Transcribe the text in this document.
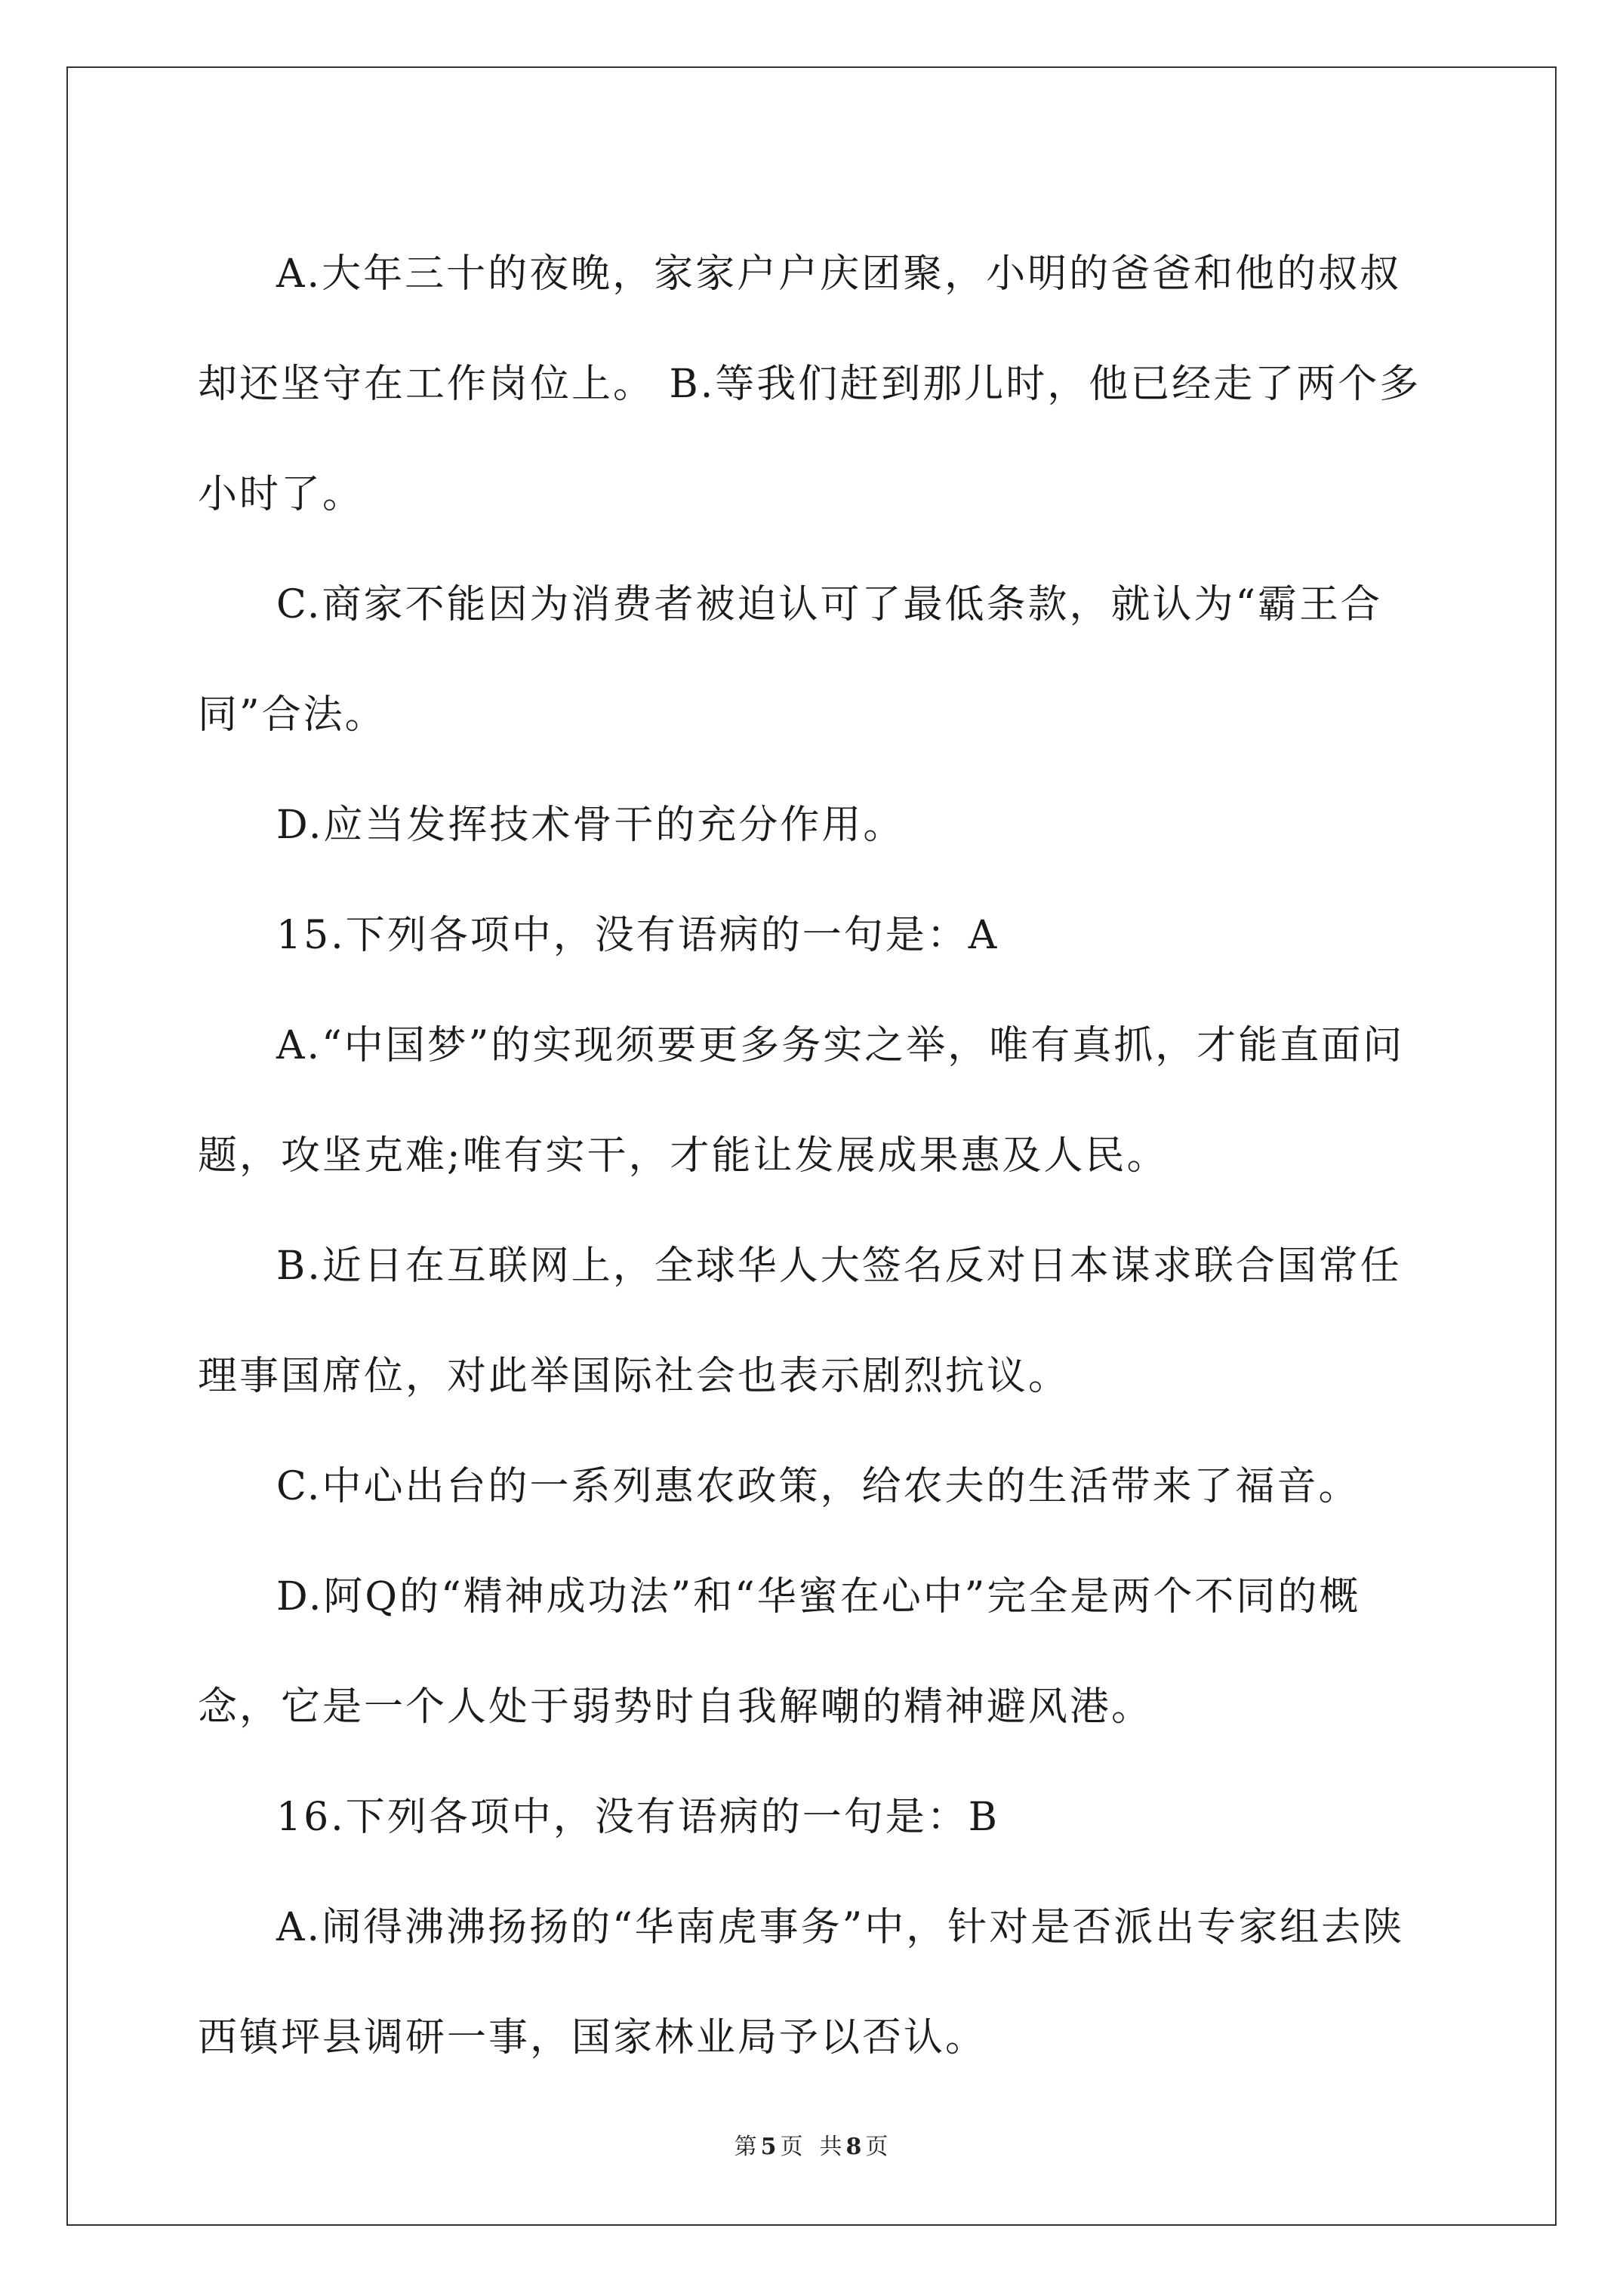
A.大年三十的夜晚，家家户户庆团聚，小明的爸爸和他的叔叔却还坚守在工作岗位上。 B.等我们赶到那儿时，他已经走了两个多小时了。

C.商家不能因为消费者被迫认可了最低条款，就认为“霸王合同”合法。

D.应当发挥技术骨干的充分作用。

15.下列各项中，没有语病的一句是：A

A.“中国梦”的实现须要更多务实之举，唯有真抓，才能直面问题，攻坚克难;唯有实干，才能让发展成果惠及人民。

B.近日在互联网上，全球华人大签名反对日本谋求联合国常任理事国席位，对此举国际社会也表示剧烈抗议。

C.中心出台的一系列惠农政策，给农夫的生活带来了福音。

D.阿Q的“精神成功法”和“华蜜在心中”完全是两个不同的概念，它是一个人处于弱势时自我解嘲的精神避风港。

16.下列各项中，没有语病的一句是：B

A.闹得沸沸扬扬的“华南虎事务”中，针对是否派出专家组去陕西镇坪县调研一事，国家林业局予以否认。

第 5 页  共 8 页
